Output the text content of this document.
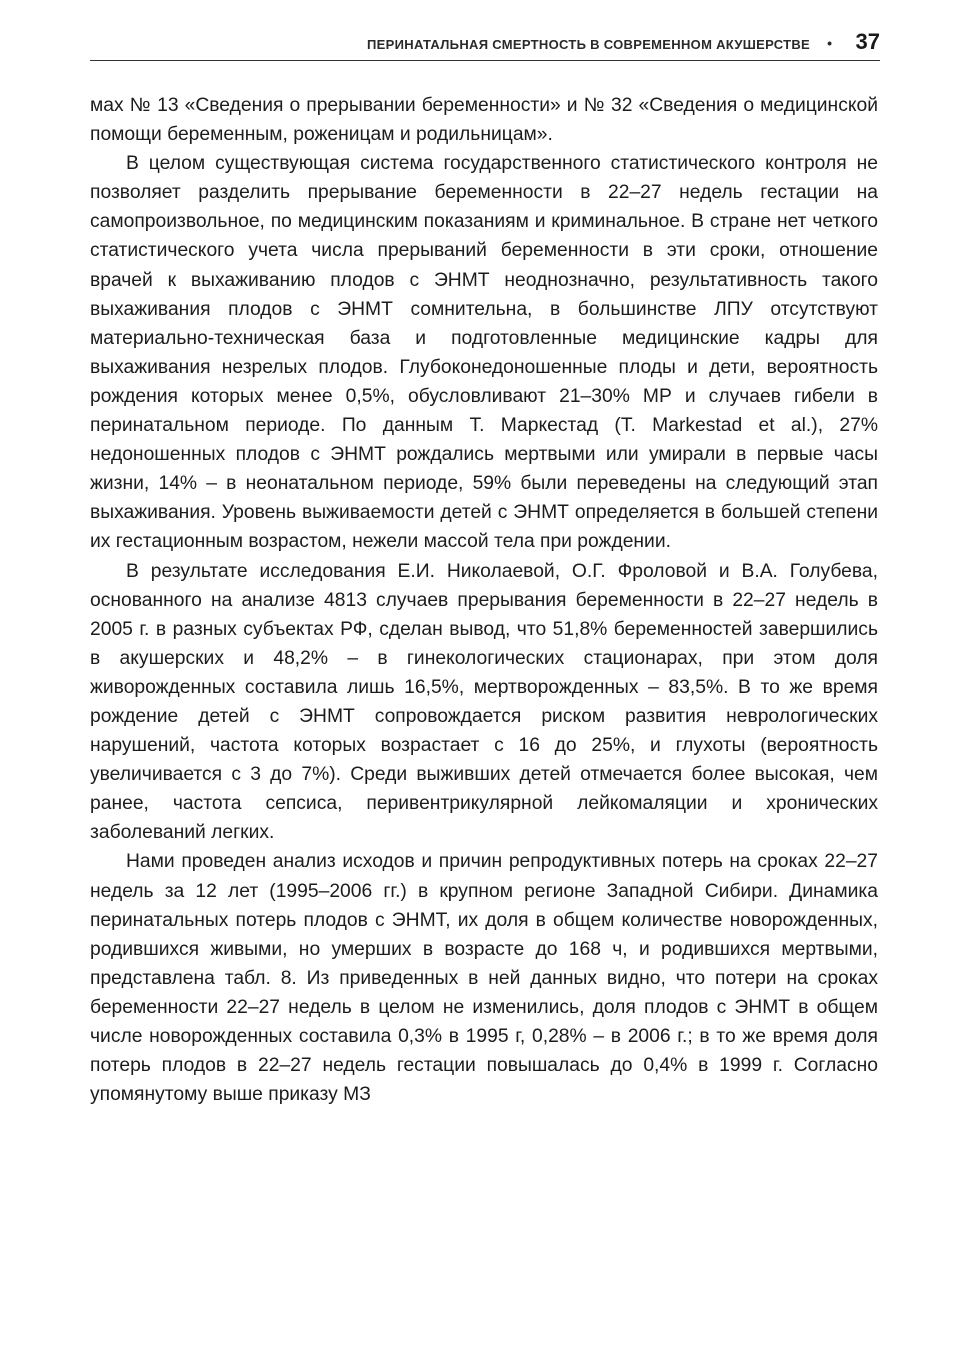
ПЕРИНАТАЛЬНАЯ СМЕРТНОСТЬ В СОВРЕМЕННОМ АКУШЕРСТВЕ • 37

мах № 13 «Сведения о прерывании беременности» и № 32 «Сведения о медицинской помощи беременным, роженицам и родильницам».

В целом существующая система государственного статистического контроля не позволяет разделить прерывание беременности в 22–27 недель гестации на самопроизвольное, по медицинским показаниям и криминальное. В стране нет четкого статистического учета числа прерываний беременности в эти сроки, отношение врачей к выхаживанию плодов с ЭНМТ неоднозначно, результативность такого выхаживания плодов с ЭНМТ сомнительна, в большинстве ЛПУ отсутствуют материально-техническая база и подготовленные медицинские кадры для выхаживания незрелых плодов. Глубоконедоношенные плоды и дети, вероятность рождения которых менее 0,5%, обусловливают 21–30% МР и случаев гибели в перинатальном периоде. По данным Т. Маркестад (T. Markestad et al.), 27% недоношенных плодов с ЭНМТ рождались мертвыми или умирали в первые часы жизни, 14% – в неонатальном периоде, 59% были переведены на следующий этап выхаживания. Уровень выживаемости детей с ЭНМТ определяется в большей степени их гестационным возрастом, нежели массой тела при рождении.

В результате исследования Е.И. Николаевой, О.Г. Фроловой и В.А. Голубева, основанного на анализе 4813 случаев прерывания беременности в 22–27 недель в 2005 г. в разных субъектах РФ, сделан вывод, что 51,8% беременностей завершились в акушерских и 48,2% – в гинекологических стационарах, при этом доля живорожденных составила лишь 16,5%, мертворожденных – 83,5%. В то же время рождение детей с ЭНМТ сопровождается риском развития неврологических нарушений, частота которых возрастает с 16 до 25%, и глухоты (вероятность увеличивается с 3 до 7%). Среди выживших детей отмечается более высокая, чем ранее, частота сепсиса, перивентрикулярной лейкомаляции и хронических заболеваний легких.

Нами проведен анализ исходов и причин репродуктивных потерь на сроках 22–27 недель за 12 лет (1995–2006 гг.) в крупном регионе Западной Сибири. Динамика перинатальных потерь плодов с ЭНМТ, их доля в общем количестве новорожденных, родившихся живыми, но умерших в возрасте до 168 ч, и родившихся мертвыми, представлена табл. 8. Из приведенных в ней данных видно, что потери на сроках беременности 22–27 недель в целом не изменились, доля плодов с ЭНМТ в общем числе новорожденных составила 0,3% в 1995 г, 0,28% – в 2006 г.; в то же время доля потерь плодов в 22–27 недель гестации повышалась до 0,4% в 1999 г. Согласно упомянутому выше приказу МЗ
